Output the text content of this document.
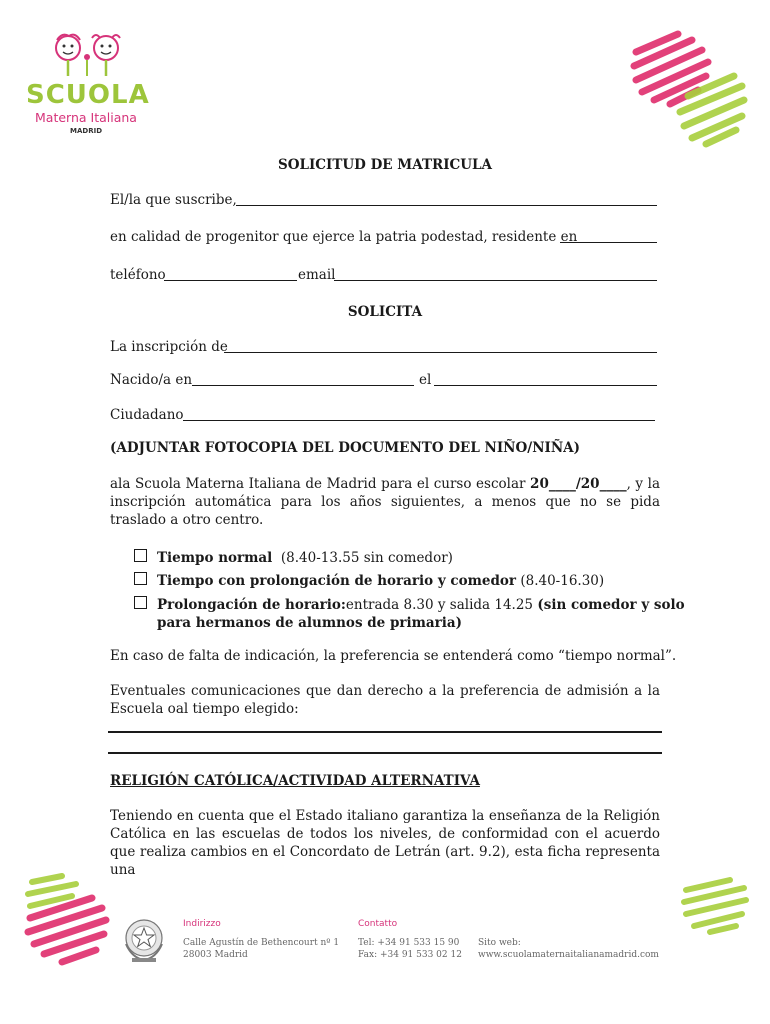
SCUOLA
Materna Italiana
MADRID
SOLICITUD DE MATRICULA
El/la que suscribe,
en calidad de progenitor que ejerce la patria podestad, residente en
teléfono	email
SOLICITA
La inscripción de
Nacido/a en	el
Ciudadano
(ADJUNTAR FOTOCOPIA DEL DOCUMENTO DEL NIÑO/NIÑA)
ala Scuola Materna Italiana de Madrid para el curso escolar 20____/20____, y la inscripción automática para los años siguientes, a menos que no se pida traslado a otro centro.
Tiempo normal (8.40-13.55 sin comedor)
Tiempo con prolongación de horario y comedor (8.40-16.30)
Prolongación de horario:entrada 8.30 y salida 14.25 (sin comedor y solo
para hermanos de alumnos de primaria)
En caso de falta de indicación, la preferencia se entenderá como “tiempo normal”.
Eventuales comunicaciones que dan derecho a la preferencia de admisión a la Escuela oal tiempo elegido:
RELIGIÓN CATÓLICA/ACTIVIDAD ALTERNATIVA
Teniendo en cuenta que el Estado italiano garantiza la enseñanza de la Religión Católica en las escuelas de todos los niveles, de conformidad con el acuerdo que realiza cambios en el Concordato de Letrán (art. 9.2), esta ficha representa una
Indirizzo
Calle Agustín de Bethencourt nº 1
28003 Madrid
Contatto
Tel: +34 91 533 15 90
Fax: +34 91 533 02 12
Sito web:
www.scuolamaternaitalianamadrid.com
